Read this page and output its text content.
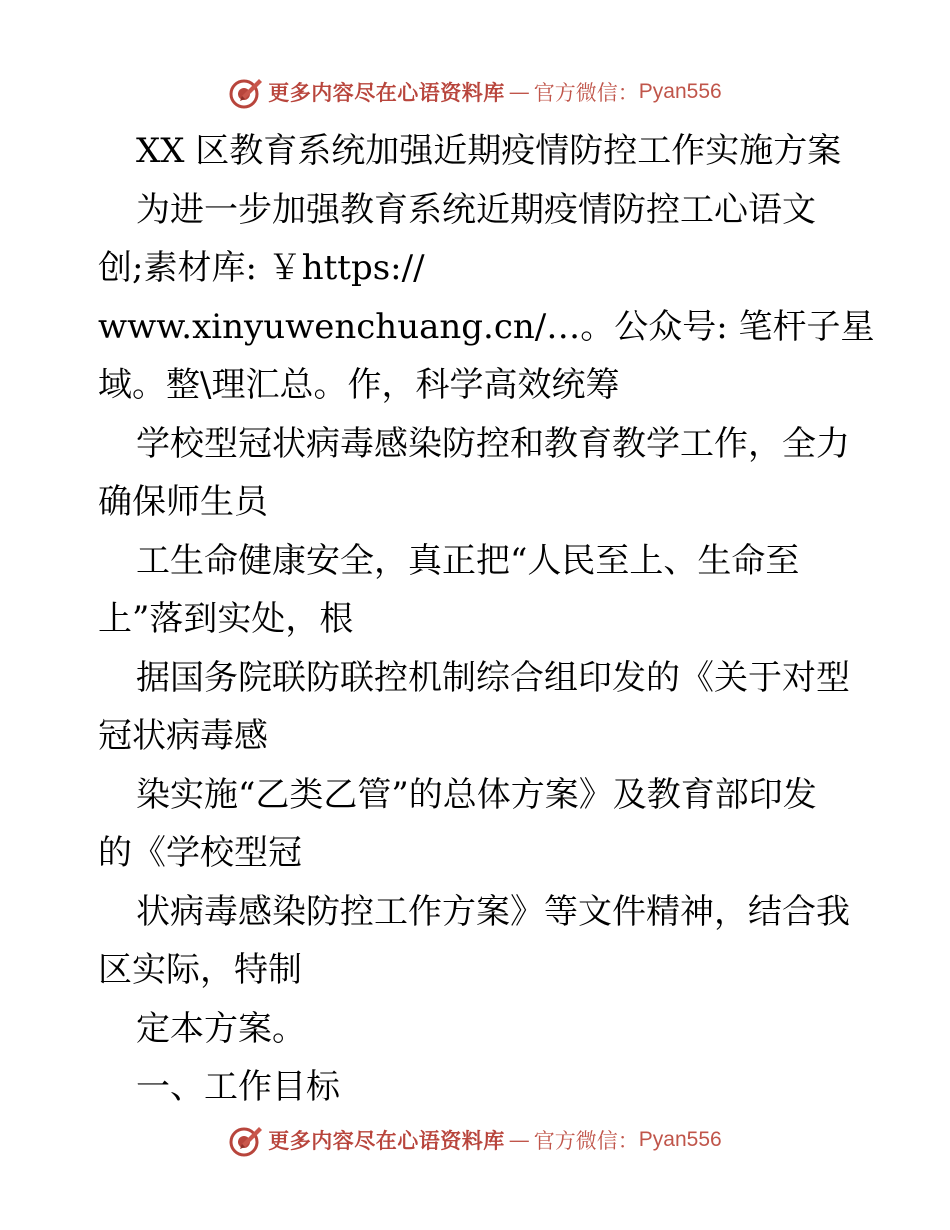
更多内容尽在心语资料库 — 官方微信： Pyan556
XX 区教育系统加强近期疫情防控工作实施方案
为进一步加强教育系统近期疫情防控工心语文
创;素材库: ￥https://
www.xinyuwenchuang.cn/…。公众号: 笔杆子星
域。整\理汇总。作，科学高效统筹
学校型冠状病毒感染防控和教育教学工作，全力
确保师生员
工生命健康安全，真正把“人民至上、生命至
上”落到实处，根
据国务院联防联控机制综合组印发的《关于对型
冠状病毒感
染实施“乙类乙管”的总体方案》及教育部印发
的《学校型冠
状病毒感染防控工作方案》等文件精神，结合我
区实际，特制
定本方案。
一、工作目标
更多内容尽在心语资料库 — 官方微信： Pyan556
